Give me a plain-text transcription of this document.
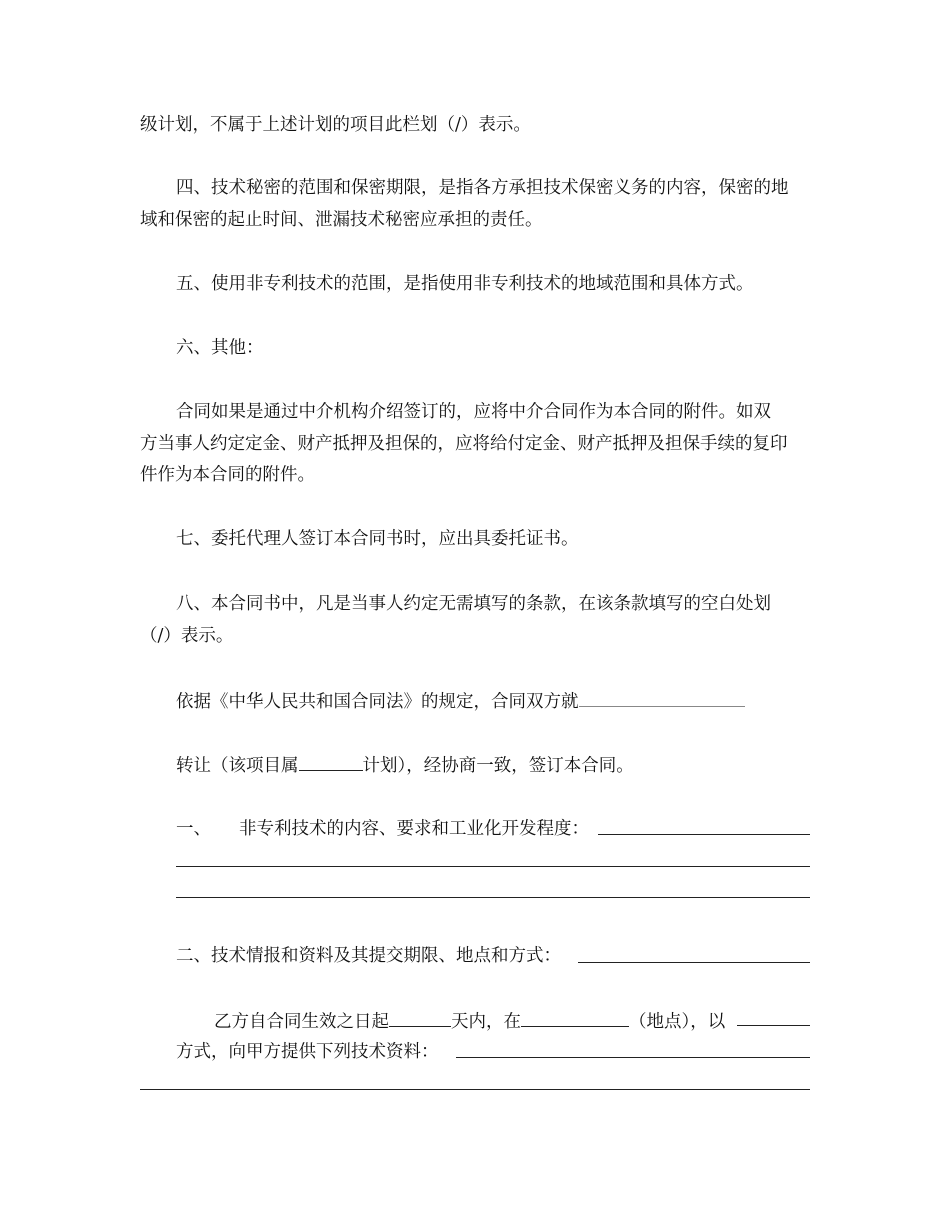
级计划，不属于上述计划的项目此栏划（/）表示。
四、技术秘密的范围和保密期限，是指各方承担技术保密义务的内容，保密的地
域和保密的起止时间、泄漏技术秘密应承担的责任。
五、使用非专利技术的范围，是指使用非专利技术的地域范围和具体方式。
六、其他：
合同如果是通过中介机构介绍签订的，应将中介合同作为本合同的附件。如双
方当事人约定定金、财产抵押及担保的，应将给付定金、财产抵押及担保手续的复印
件作为本合同的附件。
七、委托代理人签订本合同书时，应出具委托证书。
八、本合同书中，凡是当事人约定无需填写的条款，在该条款填写的空白处划
（/）表示。
依据《中华人民共和国合同法》的规定，合同双方就
转让（该项目属	计划），经协商一致，签订本合同。
一、 非专利技术的内容、要求和工业化开发程度：
二、技术情报和资料及其提交期限、地点和方式：
乙方自合同生效之日起	天内，在	（地点），以
方式，向甲方提供下列技术资料：
